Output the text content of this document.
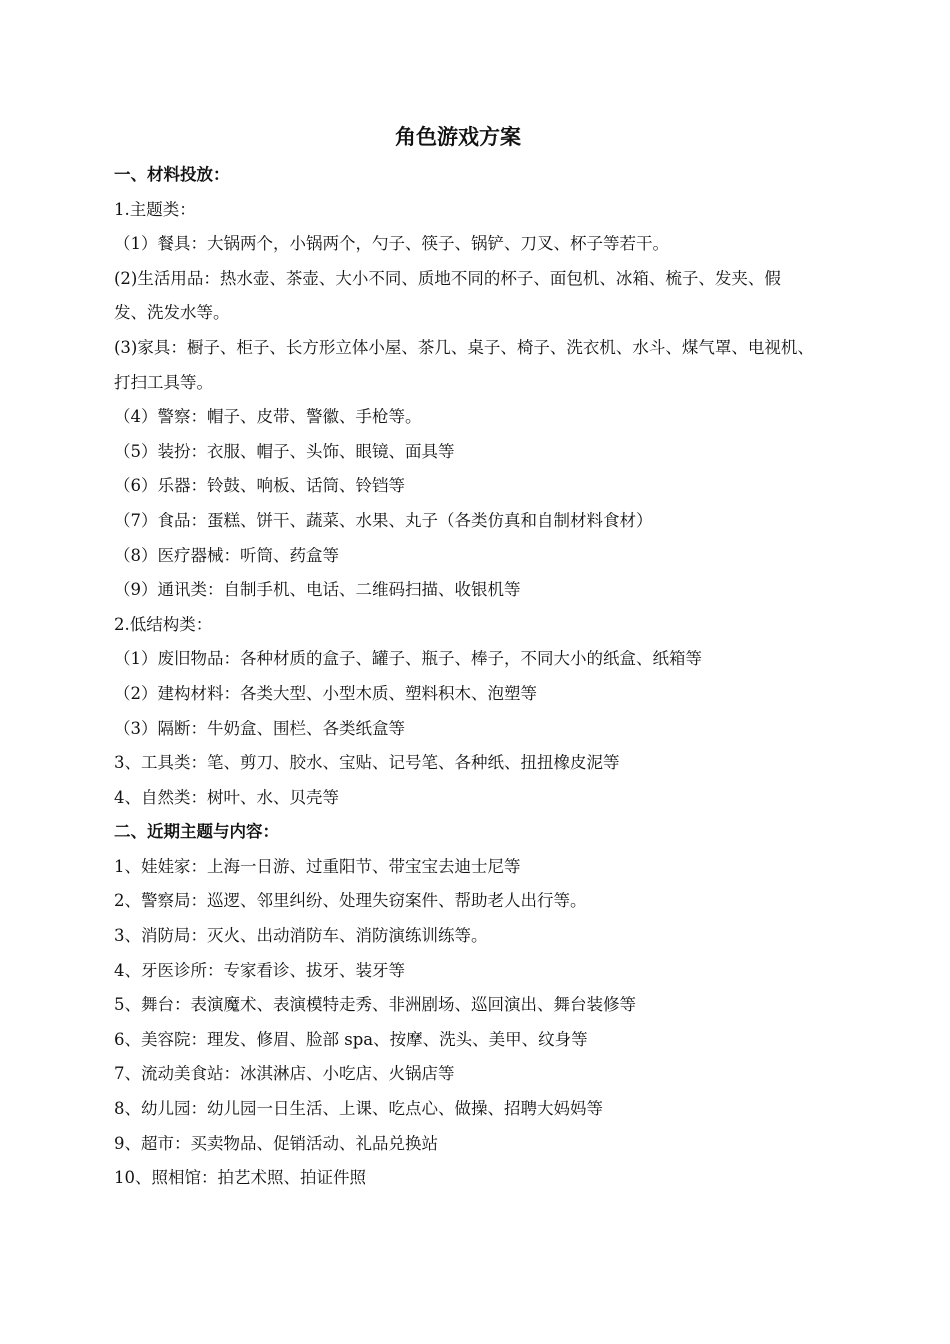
角色游戏方案
一、材料投放：
1.主题类：
（1）餐具：大锅两个，小锅两个，勺子、筷子、锅铲、刀叉、杯子等若干。
(2)生活用品：热水壶、茶壶、大小不同、质地不同的杯子、面包机、冰箱、梳子、发夹、假
发、洗发水等。
(3)家具：橱子、柜子、长方形立体小屋、茶几、桌子、椅子、洗衣机、水斗、煤气罩、电视机、
打扫工具等。
（4）警察：帽子、皮带、警徽、手枪等。
（5）装扮：衣服、帽子、头饰、眼镜、面具等
（6）乐器：铃鼓、响板、话筒、铃铛等
（7）食品：蛋糕、饼干、蔬菜、水果、丸子（各类仿真和自制材料食材）
（8）医疗器械：听筒、药盒等
（9）通讯类：自制手机、电话、二维码扫描、收银机等
2.低结构类：
（1）废旧物品：各种材质的盒子、罐子、瓶子、棒子，不同大小的纸盒、纸箱等
（2）建构材料：各类大型、小型木质、塑料积木、泡塑等
（3）隔断：牛奶盒、围栏、各类纸盒等
3、工具类：笔、剪刀、胶水、宝贴、记号笔、各种纸、扭扭橡皮泥等
4、自然类：树叶、水、贝壳等
二、近期主题与内容：
1、娃娃家：上海一日游、过重阳节、带宝宝去迪士尼等
2、警察局：巡逻、邻里纠纷、处理失窃案件、帮助老人出行等。
3、消防局：灭火、出动消防车、消防演练训练等。
4、牙医诊所：专家看诊、拔牙、装牙等
5、舞台：表演魔术、表演模特走秀、非洲剧场、巡回演出、舞台装修等
6、美容院：理发、修眉、脸部 spa、按摩、洗头、美甲、纹身等
7、流动美食站：冰淇淋店、小吃店、火锅店等
8、幼儿园：幼儿园一日生活、上课、吃点心、做操、招聘大妈妈等
9、超市：买卖物品、促销活动、礼品兑换站
10、照相馆：拍艺术照、拍证件照
